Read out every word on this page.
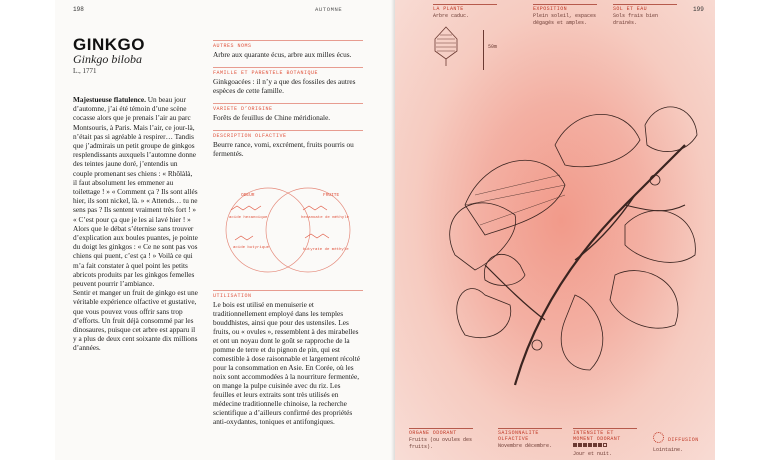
198	AUTOMNE
GINKGO
Ginkgo biloba
L., 1771
Majestueuse flatulence. Un beau jour d’automne, j’ai été témoin d’une scène cocasse alors que je prenais l’air au parc Montsouris, à Paris. Mais l’air, ce jour-là, n’était pas si agréable à respirer… Tandis que j’admirais un petit groupe de ginkgos resplendissants auxquels l’automne donne des teintes jaune doré, j’entendis un couple promenant ses chiens : « Rhôlàlà, il faut absolument les emmener au toilettage ! » « Comment ça ? Ils sont allés hier, ils sont nickel, là. » « Attends… tu ne sens pas ? Ils sentent vraiment très fort ! » « C’est pour ça que je les ai lavé hier ! » Alors que le débat s’éternise sans trouver d’explication aux boules puantes, je pointe du doigt les ginkgos : « Ce ne sont pas vos chiens qui puent, c’est ça ! » Voilà ce qui m’a fait constater à quel point les petits abricots produits par les ginkgos femelles peuvent pourrir l’ambiance.
Sentir et manger un fruit de ginkgo est une véritable expérience olfactive et gustative, que vous pouvez vous offrir sans trop d’efforts. Un fruit déjà consommé par les dinosaures, puisque cet arbre est apparu il y a plus de deux cent soixante dix millions d’années.
AUTRES NOMS
Arbre aux quarante écus, arbre aux milles écus.
FAMILLE ET PARENTELE BOTANIQUE
Ginkgoacées : il n’y a que des fossiles des autres espèces de cette famille.
VARIETE D’ORIGINE
Forêts de feuillus de Chine méridionale.
DESCRIPTION OLFACTIVE
Beurre rance, vomi, excrément, fruits pourris ou fermentés.
ODEUR	FRUITE
acide hexanoique	hexanoate de méthyle
acide butyrique	butyrate de méthyle
UTILISATION
Le bois est utilisé en menuiserie et traditionnellement employé dans les temples bouddhistes, ainsi que pour des ustensiles. Les fruits, ou « ovules », ressemblent à des mirabelles et ont un noyau dont le goût se rapproche de la pomme de terre et du pignon de pin, qui est comestible à dose raisonnable et largement récolté pour la consommation en Asie. En Corée, où les noix sont accommodées à la nourriture fermentée, on mange la pulpe cuisinée avec du riz. Les feuilles et leurs extraits sont très utilisés en médecine traditionnelle chinoise, la recherche scientifique a d’ailleurs confirmé des propriétés anti-oxydantes, toniques et antifongiques.
199
LA PLANTE
Arbre caduc.
EXPOSITION
Plein soleil, espaces dégagés et amples.
SOL ET EAU
Sols frais bien drainés.
50m
ORGANE ODORANT
Fruits (ou ovules des fruits).
SAISONNALITE OLFACTIVE
Novembre décembre.
INTENSITE ET MOMENT ODORANT
Jour et nuit.
DIFFUSION
Lointaine.
